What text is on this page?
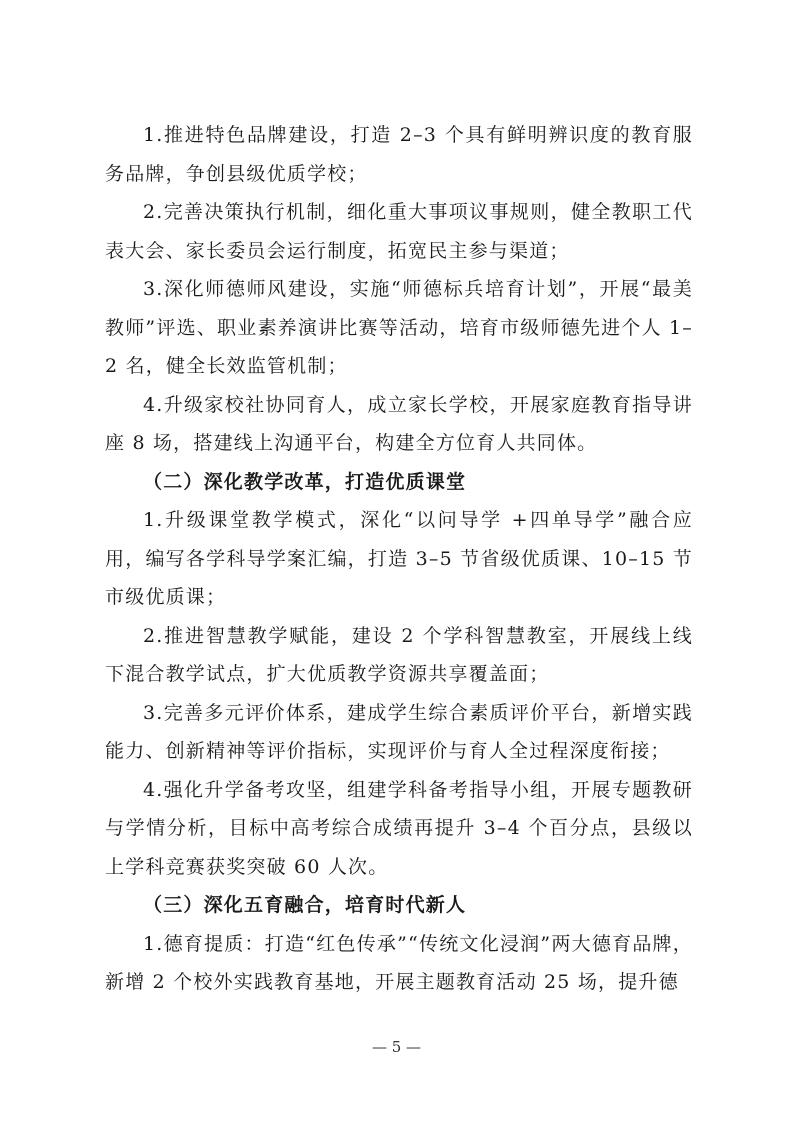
1.推进特色品牌建设，打造 2–3 个具有鲜明辨识度的教育服务品牌，争创县级优质学校；

2.完善决策执行机制，细化重大事项议事规则，健全教职工代表大会、家长委员会运行制度，拓宽民主参与渠道；

3.深化师德师风建设，实施“师德标兵培育计划”，开展“最美教师”评选、职业素养演讲比赛等活动，培育市级师德先进个人 1–2 名，健全长效监管机制；

4.升级家校社协同育人，成立家长学校，开展家庭教育指导讲座 8 场，搭建线上沟通平台，构建全方位育人共同体。

（二）深化教学改革，打造优质课堂

1.升级课堂教学模式，深化“以问导学 +四单导学”融合应用，编写各学科导学案汇编，打造 3–5 节省级优质课、10–15 节市级优质课；

2.推进智慧教学赋能，建设 2 个学科智慧教室，开展线上线下混合教学试点，扩大优质教学资源共享覆盖面；

3.完善多元评价体系，建成学生综合素质评价平台，新增实践能力、创新精神等评价指标，实现评价与育人全过程深度衔接；

4.强化升学备考攻坚，组建学科备考指导小组，开展专题教研与学情分析，目标中高考综合成绩再提升 3–4 个百分点，县级以上学科竞赛获奖突破 60 人次。

（三）深化五育融合，培育时代新人

1.德育提质：打造“红色传承”“传统文化浸润”两大德育品牌，新增 2 个校外实践教育基地，开展主题教育活动 25 场，提升德

— 5 —
